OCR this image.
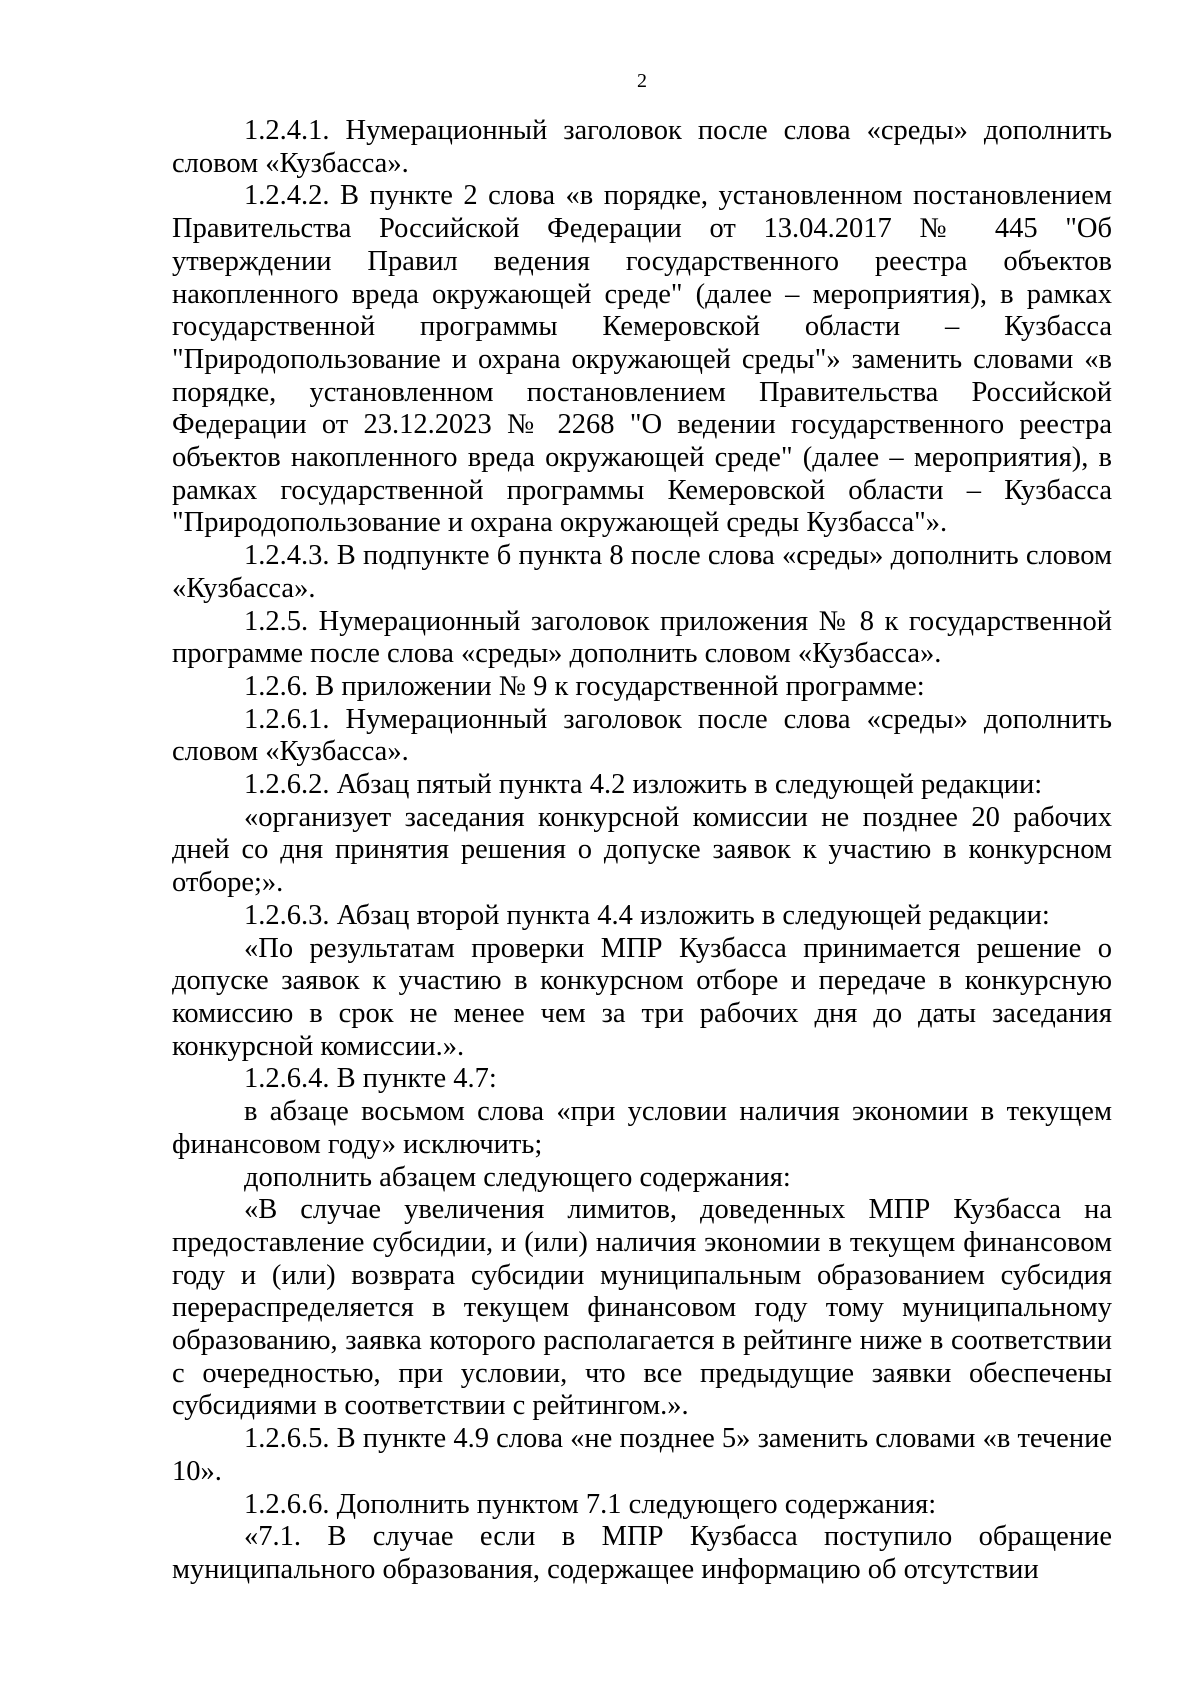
2

1.2.4.1. Нумерационный заголовок после слова «среды» дополнить словом «Кузбасса».

1.2.4.2. В пункте 2 слова «в порядке, установленном постановлением Правительства Российской Федерации от 13.04.2017 № 445 "Об утверждении Правил ведения государственного реестра объектов накопленного вреда окружающей среде" (далее – мероприятия), в рамках государственной программы Кемеровской области – Кузбасса "Природопользование и охрана окружающей среды"» заменить словами «в порядке, установленном постановлением Правительства Российской Федерации от 23.12.2023 № 2268 "О ведении государственного реестра объектов накопленного вреда окружающей среде" (далее – мероприятия), в рамках государственной программы Кемеровской области – Кузбасса "Природопользование и охрана окружающей среды Кузбасса"».

1.2.4.3. В подпункте б пункта 8 после слова «среды» дополнить словом «Кузбасса».

1.2.5. Нумерационный заголовок приложения № 8 к государственной программе после слова «среды» дополнить словом «Кузбасса».

1.2.6. В приложении № 9 к государственной программе:

1.2.6.1. Нумерационный заголовок после слова «среды» дополнить словом «Кузбасса».

1.2.6.2. Абзац пятый пункта 4.2 изложить в следующей редакции:

«организует заседания конкурсной комиссии не позднее 20 рабочих дней со дня принятия решения о допуске заявок к участию в конкурсном отборе;».

1.2.6.3. Абзац второй пункта 4.4 изложить в следующей редакции:

«По результатам проверки МПР Кузбасса принимается решение о допуске заявок к участию в конкурсном отборе и передаче в конкурсную комиссию в срок не менее чем за три рабочих дня до даты заседания конкурсной комиссии.».

1.2.6.4. В пункте 4.7:

в абзаце восьмом слова «при условии наличия экономии в текущем финансовом году» исключить;

дополнить абзацем следующего содержания:

«В случае увеличения лимитов, доведенных МПР Кузбасса на предоставление субсидии, и (или) наличия экономии в текущем финансовом году и (или) возврата субсидии муниципальным образованием субсидия перераспределяется в текущем финансовом году тому муниципальному образованию, заявка которого располагается в рейтинге ниже в соответствии с очередностью, при условии, что все предыдущие заявки обеспечены субсидиями в соответствии с рейтингом.».

1.2.6.5. В пункте 4.9 слова «не позднее 5» заменить словами «в течение 10».

1.2.6.6. Дополнить пунктом 7.1 следующего содержания:

«7.1. В случае если в МПР Кузбасса поступило обращение муниципального образования, содержащее информацию об отсутствии
